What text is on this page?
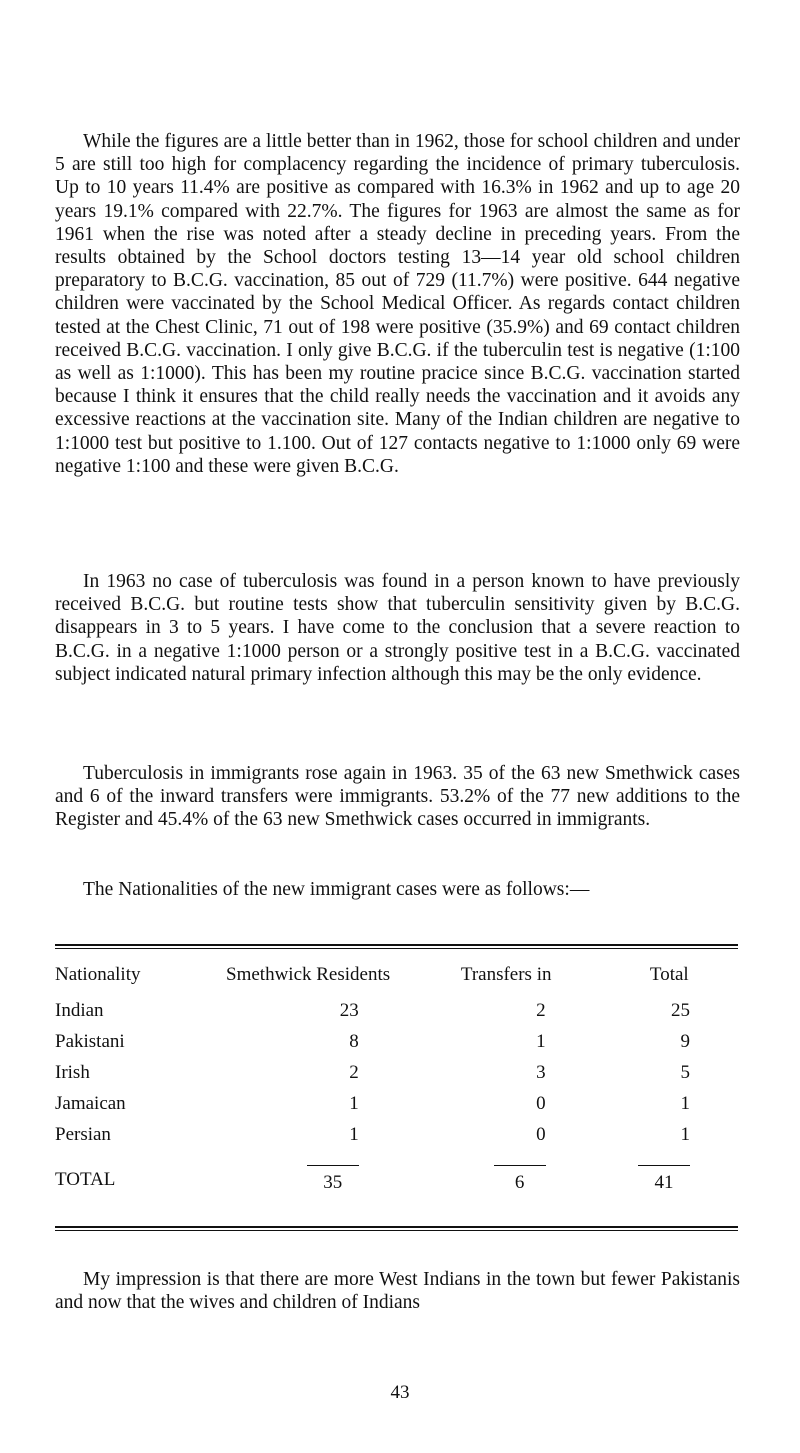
While the figures are a little better than in 1962, those for school children and under 5 are still too high for complacency regarding the incidence of primary tuberculosis. Up to 10 years 11.4% are positive as compared with 16.3% in 1962 and up to age 20 years 19.1% compared with 22.7%. The figures for 1963 are almost the same as for 1961 when the rise was noted after a steady decline in preceding years. From the results obtained by the School doctors testing 13—14 year old school children preparatory to B.C.G. vaccination, 85 out of 729 (11.7%) were positive. 644 negative children were vaccinated by the School Medical Officer. As regards contact children tested at the Chest Clinic, 71 out of 198 were positive (35.9%) and 69 contact children received B.C.G. vaccination. I only give B.C.G. if the tuberculin test is negative (1:100 as well as 1:1000). This has been my routine pracice since B.C.G. vaccination started because I think it ensures that the child really needs the vaccination and it avoids any excessive reactions at the vaccination site. Many of the Indian children are negative to 1:1000 test but positive to 1.100. Out of 127 contacts negative to 1:1000 only 69 were negative 1:100 and these were given B.C.G.

In 1963 no case of tuberculosis was found in a person known to have previously received B.C.G. but routine tests show that tuberculin sensitivity given by B.C.G. disappears in 3 to 5 years. I have come to the conclusion that a severe reaction to B.C.G. in a negative 1:1000 person or a strongly positive test in a B.C.G. vaccinated subject indicated natural primary infection although this may be the only evidence.

Tuberculosis in immigrants rose again in 1963. 35 of the 63 new Smethwick cases and 6 of the inward transfers were immigrants. 53.2% of the 77 new additions to the Register and 45.4% of the 63 new Smethwick cases occurred in immigrants.

The Nationalities of the new immigrant cases were as follows:—

Nationality	Smethwick Residents	Transfers in	Total
Indian	23	2	25
Pakistani	8	1	9
Irish	2	3	5
Jamaican	1	0	1
Persian	1	0	1
TOTAL	35	6	41

My impression is that there are more West Indians in the town but fewer Pakistanis and now that the wives and children of Indians

43
